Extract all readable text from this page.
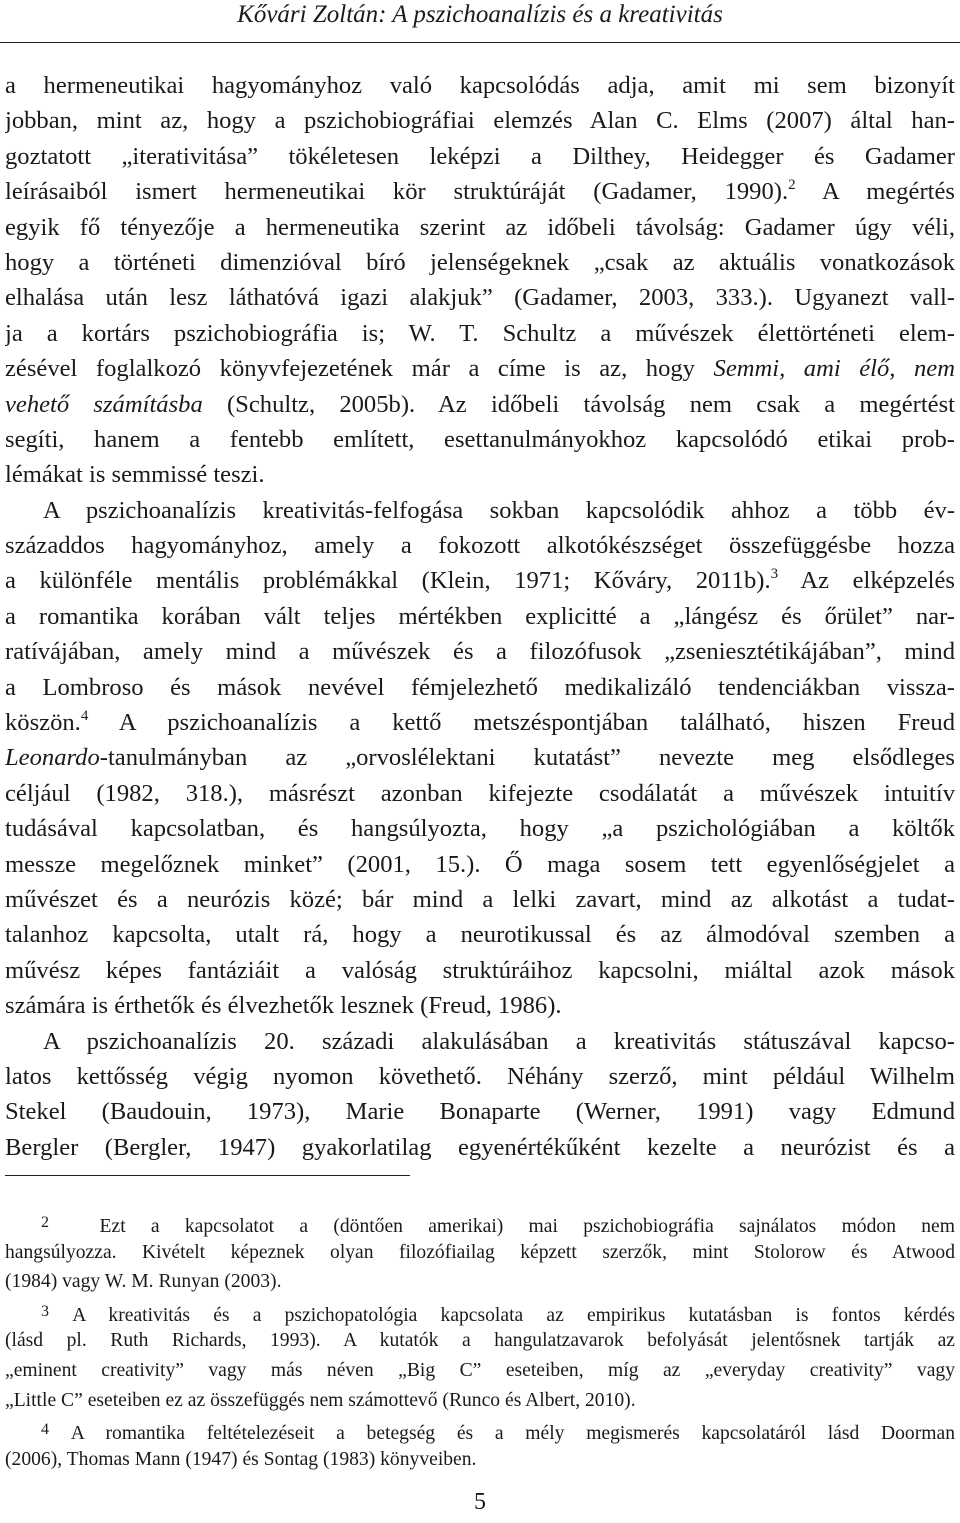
Kővári Zoltán: A pszichoanalízis és a kreativitás
a hermeneutikai hagyományhoz való kapcsolódás adja, amit mi sem bizonyít
jobban, mint az, hogy a pszichobiográfiai elemzés Alan C. Elms (2007) által han-
goztatott „iterativitása” tökéletesen leképzi a Dilthey, Heidegger és Gadamer
leírásaiból ismert hermeneutikai kör struktúráját (Gadamer, 1990).$^2$ A megértés
egyik fő tényezője a hermeneutika szerint az időbeli távolság: Gadamer úgy véli,
hogy a történeti dimenzióval bíró jelenségeknek „csak az aktuális vonatkozások
elhalása után lesz láthatóvá igazi alakjuk” (Gadamer, 2003, 333.). Ugyanezt vall-
ja a kortárs pszichobiográfia is; W. T. Schultz a művészek élettörténeti elem-
zésével foglalkozó könyvfejezetének már a címe is az, hogy Semmi, ami élő, nem
vehető számításba (Schultz, 2005b). Az időbeli távolság nem csak a megértést
segíti, hanem a fentebb említett, esettanulmányokhoz kapcsolódó etikai prob-
lémákat is semmissé teszi.
A pszichoanalízis kreativitás-felfogása sokban kapcsolódik ahhoz a több év-
századdos hagyományhoz, amely a fokozott alkotókészséget összefüggésbe hozza
a különféle mentális problémákkal (Klein, 1971; Kőváry, 2011b).$^3$ Az elképzelés
a romantika korában vált teljes mértékben explicitté a „lángész és őrület” nar-
ratívájában, amely mind a művészek és a filozófusok „zseniesztétikájában”, mind
a Lombroso és mások nevével fémjelezhető medikalizáló tendenciákban vissza-
köszön.$^4$ A pszichoanalízis a kettő metszéspontjában található, hiszen Freud
Leonardo-tanulmányban az „orvoslélektani kutatást” nevezte meg elsődleges
céljául (1982, 318.), másrészt azonban kifejezte csodálatát a művészek intuitív
tudásával kapcsolatban, és hangsúlyozta, hogy „a pszichológiában a költők
messze megelőznek minket” (2001, 15.). Ő maga sosem tett egyenlőségjelet a
művészet és a neurózis közé; bár mind a lelki zavart, mind az alkotást a tudat-
talanhoz kapcsolta, utalt rá, hogy a neurotikussal és az álmodóval szemben a
művész képes fantáziáit a valóság struktúráihoz kapcsolni, miáltal azok mások
számára is érthetők és élvezhetők lesznek (Freud, 1986).
A pszichoanalízis 20. századi alakulásában a kreativitás státuszával kapcso-
latos kettősség végig nyomon követhető. Néhány szerző, mint például Wilhelm
Stekel (Baudouin, 1973), Marie Bonaparte (Werner, 1991) vagy Edmund
Bergler (Bergler, 1947) gyakorlatilag egyenértékűként kezelte a neurózist és a
$^2$	Ezt a kapcsolatot a (döntően amerikai) mai pszichobiográfia sajnálatos módon nem
hangsúlyozza. Kivételt képeznek olyan filozófiailag képzett szerzők, mint Stolorow és Atwood
(1984) vagy W. M. Runyan (2003).
$^3$ A kreativitás és a pszichopatológia kapcsolata az empirikus kutatásban is fontos kérdés
(lásd pl. Ruth Richards, 1993). A kutatók a hangulatzavarok befolyását jelentősnek tartják az
„eminent creativity” vagy más néven „Big C” eseteiben, míg az „everyday creativity” vagy
„Little C” eseteiben ez az összefüggés nem számottevő (Runco és Albert, 2010).
$^4$ A romantika feltételezéseit a betegség és a mély megismerés kapcsolatáról lásd Doorman
(2006), Thomas Mann (1947) és Sontag (1983) könyveiben.
5
